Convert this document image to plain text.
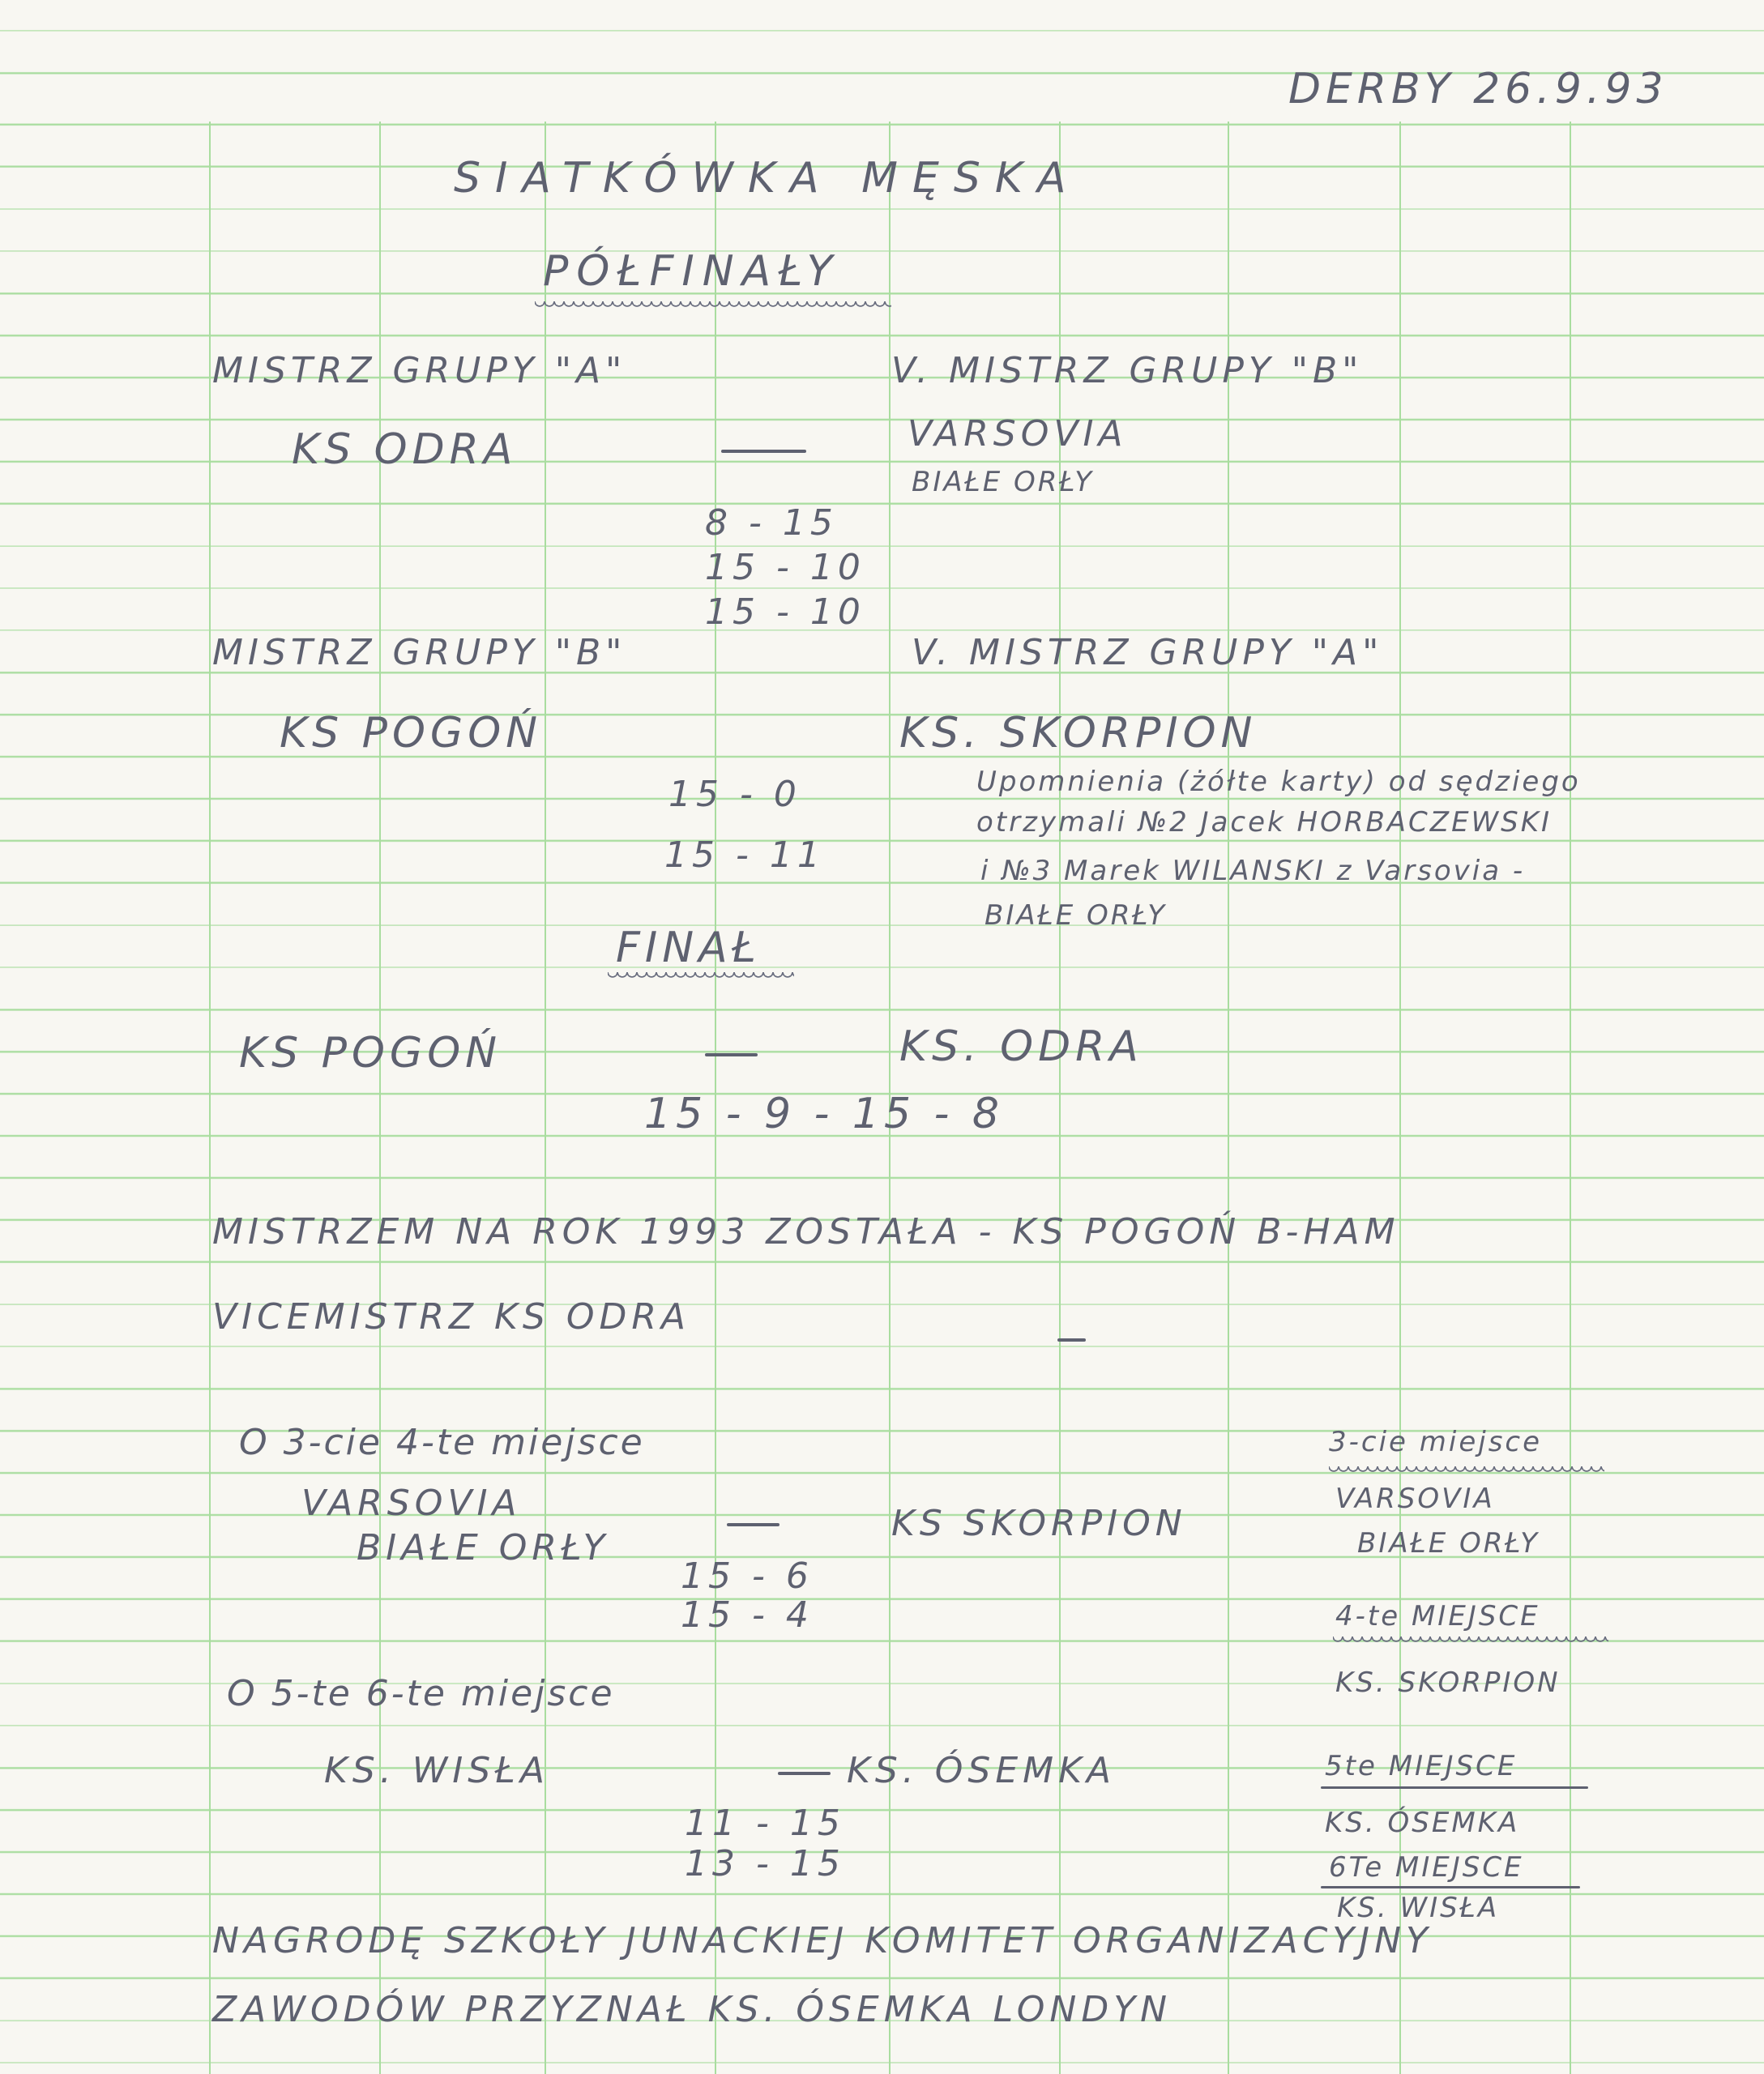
DERBY 26.9.93
SIATKÓWKA MĘSKA
PÓŁFINAŁY
MISTRZ GRUPY "A"	V. MISTRZ GRUPY "B"
KS ODRA	VARSOVIA
BIAŁE ORŁY
8 - 15
15 - 10
15 - 10
MISTRZ GRUPY "B"	V. MISTRZ GRUPY "A"
KS POGOŃ	KS. SKORPION
15 - 0
15 - 11
Upomnienia (żółte karty) od sędziego
otrzymali №2 Jacek HORBACZEWSKI
i №3 Marek WILANSKI z Varsovia -
BIAŁE ORŁY
FINAŁ
KS POGOŃ	KS. ODRA
15 - 9 - 15 - 8
MISTRZEM NA ROK 1993 ZOSTAŁA - KS POGOŃ B-HAM
VICEMISTRZ KS ODRA
O 3-cie 4-te miejsce
VARSOVIA
BIAŁE ORŁY
KS SKORPION
15 - 6
15 - 4
O 5-te 6-te miejsce
KS. WISŁA	KS. ÓSEMKA
11 - 15
13 - 15
3-cie miejsce
VARSOVIA
BIAŁE ORŁY
4-te MIEJSCE
KS. SKORPION
5te MIEJSCE
KS. ÓSEMKA
6Te MIEJSCE
KS. WISŁA
NAGRODĘ SZKOŁY JUNACKIEJ KOMITET ORGANIZACYJNY
ZAWODÓW PRZYZNAŁ KS. ÓSEMKA LONDYN
